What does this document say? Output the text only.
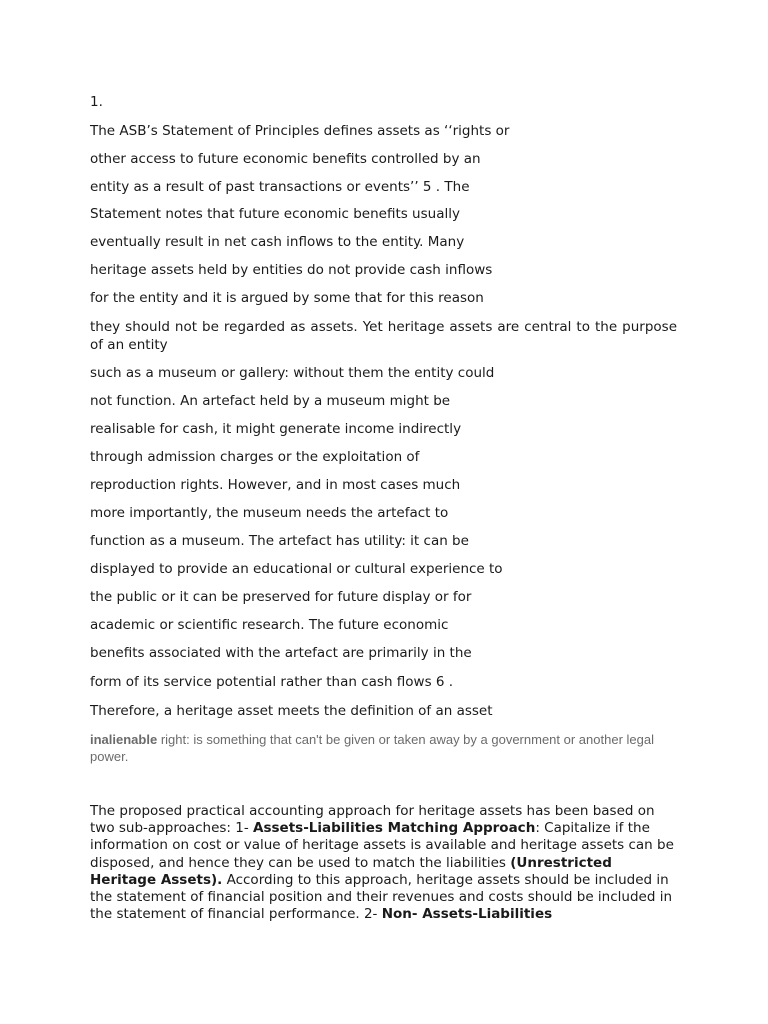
1.
The ASB’s Statement of Principles defines assets as ‘‘rights or
other access to future economic benefits controlled by an
entity as a result of past transactions or events’’ 5 . The
Statement notes that future economic benefits usually
eventually result in net cash inflows to the entity. Many
heritage assets held by entities do not provide cash inflows
for the entity and it is argued by some that for this reason
they should not be regarded as assets. Yet heritage assets are central to the purpose of an entity
such as a museum or gallery: without them the entity could
not function. An artefact held by a museum might be
realisable for cash, it might generate income indirectly
through admission charges or the exploitation of
reproduction rights. However, and in most cases much
more importantly, the museum needs the artefact to
function as a museum. The artefact has utility: it can be
displayed to provide an educational or cultural experience to
the public or it can be preserved for future display or for
academic or scientific research. The future economic
benefits associated with the artefact are primarily in the
form of its service potential rather than cash flows 6 .
Therefore, a heritage asset meets the definition of an asset
inalienable right: is something that can't be given or taken away by a government or another legal power.
The proposed practical accounting approach for heritage assets has been based on two sub-approaches: 1- Assets-Liabilities Matching Approach: Capitalize if the information on cost or value of heritage assets is available and heritage assets can be disposed, and hence they can be used to match the liabilities (Unrestricted Heritage Assets). According to this approach, heritage assets should be included in the statement of financial position and their revenues and costs should be included in the statement of financial performance. 2- Non- Assets-Liabilities
